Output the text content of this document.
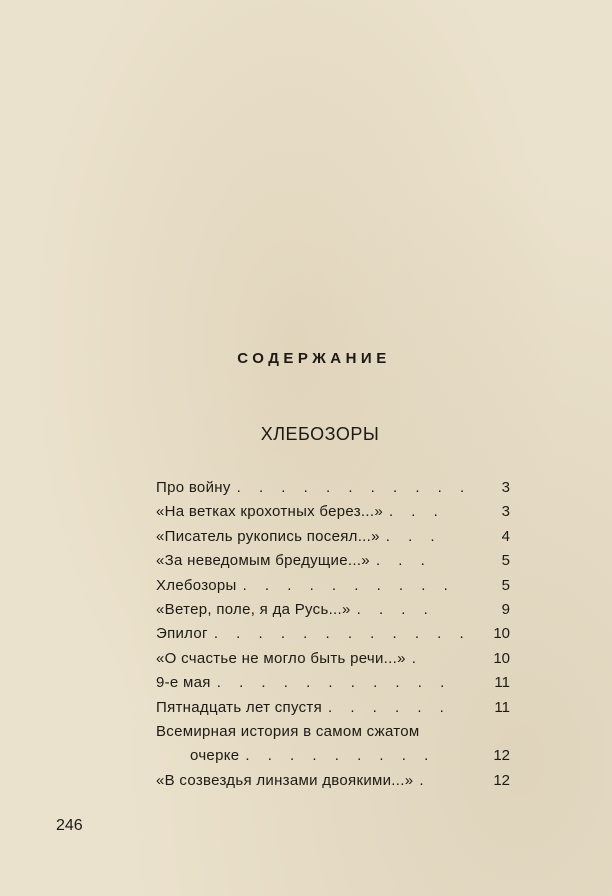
СОДЕРЖАНИЕ
ХЛЕБОЗОРЫ
Про войну . . . . . . . . . . . 3
«На ветках крохотных берез...» . . .	3
«Писатель рукопись посеял...» . . .	4
«За неведомым бредущие...» . . .	5
Хлебозоры . . . . . . . . . .	5
«Ветер, поле, я да Русь...» . . . .	9
Эпилог . . . . . . . . . . . . 10
«О счастье не могло быть речи...» .	10
9-е мая . . . . . . . . . . .	11
Пятнадцать лет спустя . . . . . .	11
Всемирная история в самом сжатом
очерке . . . . . . . . .	12
«В созвездья линзами двоякими...» .	12
246
